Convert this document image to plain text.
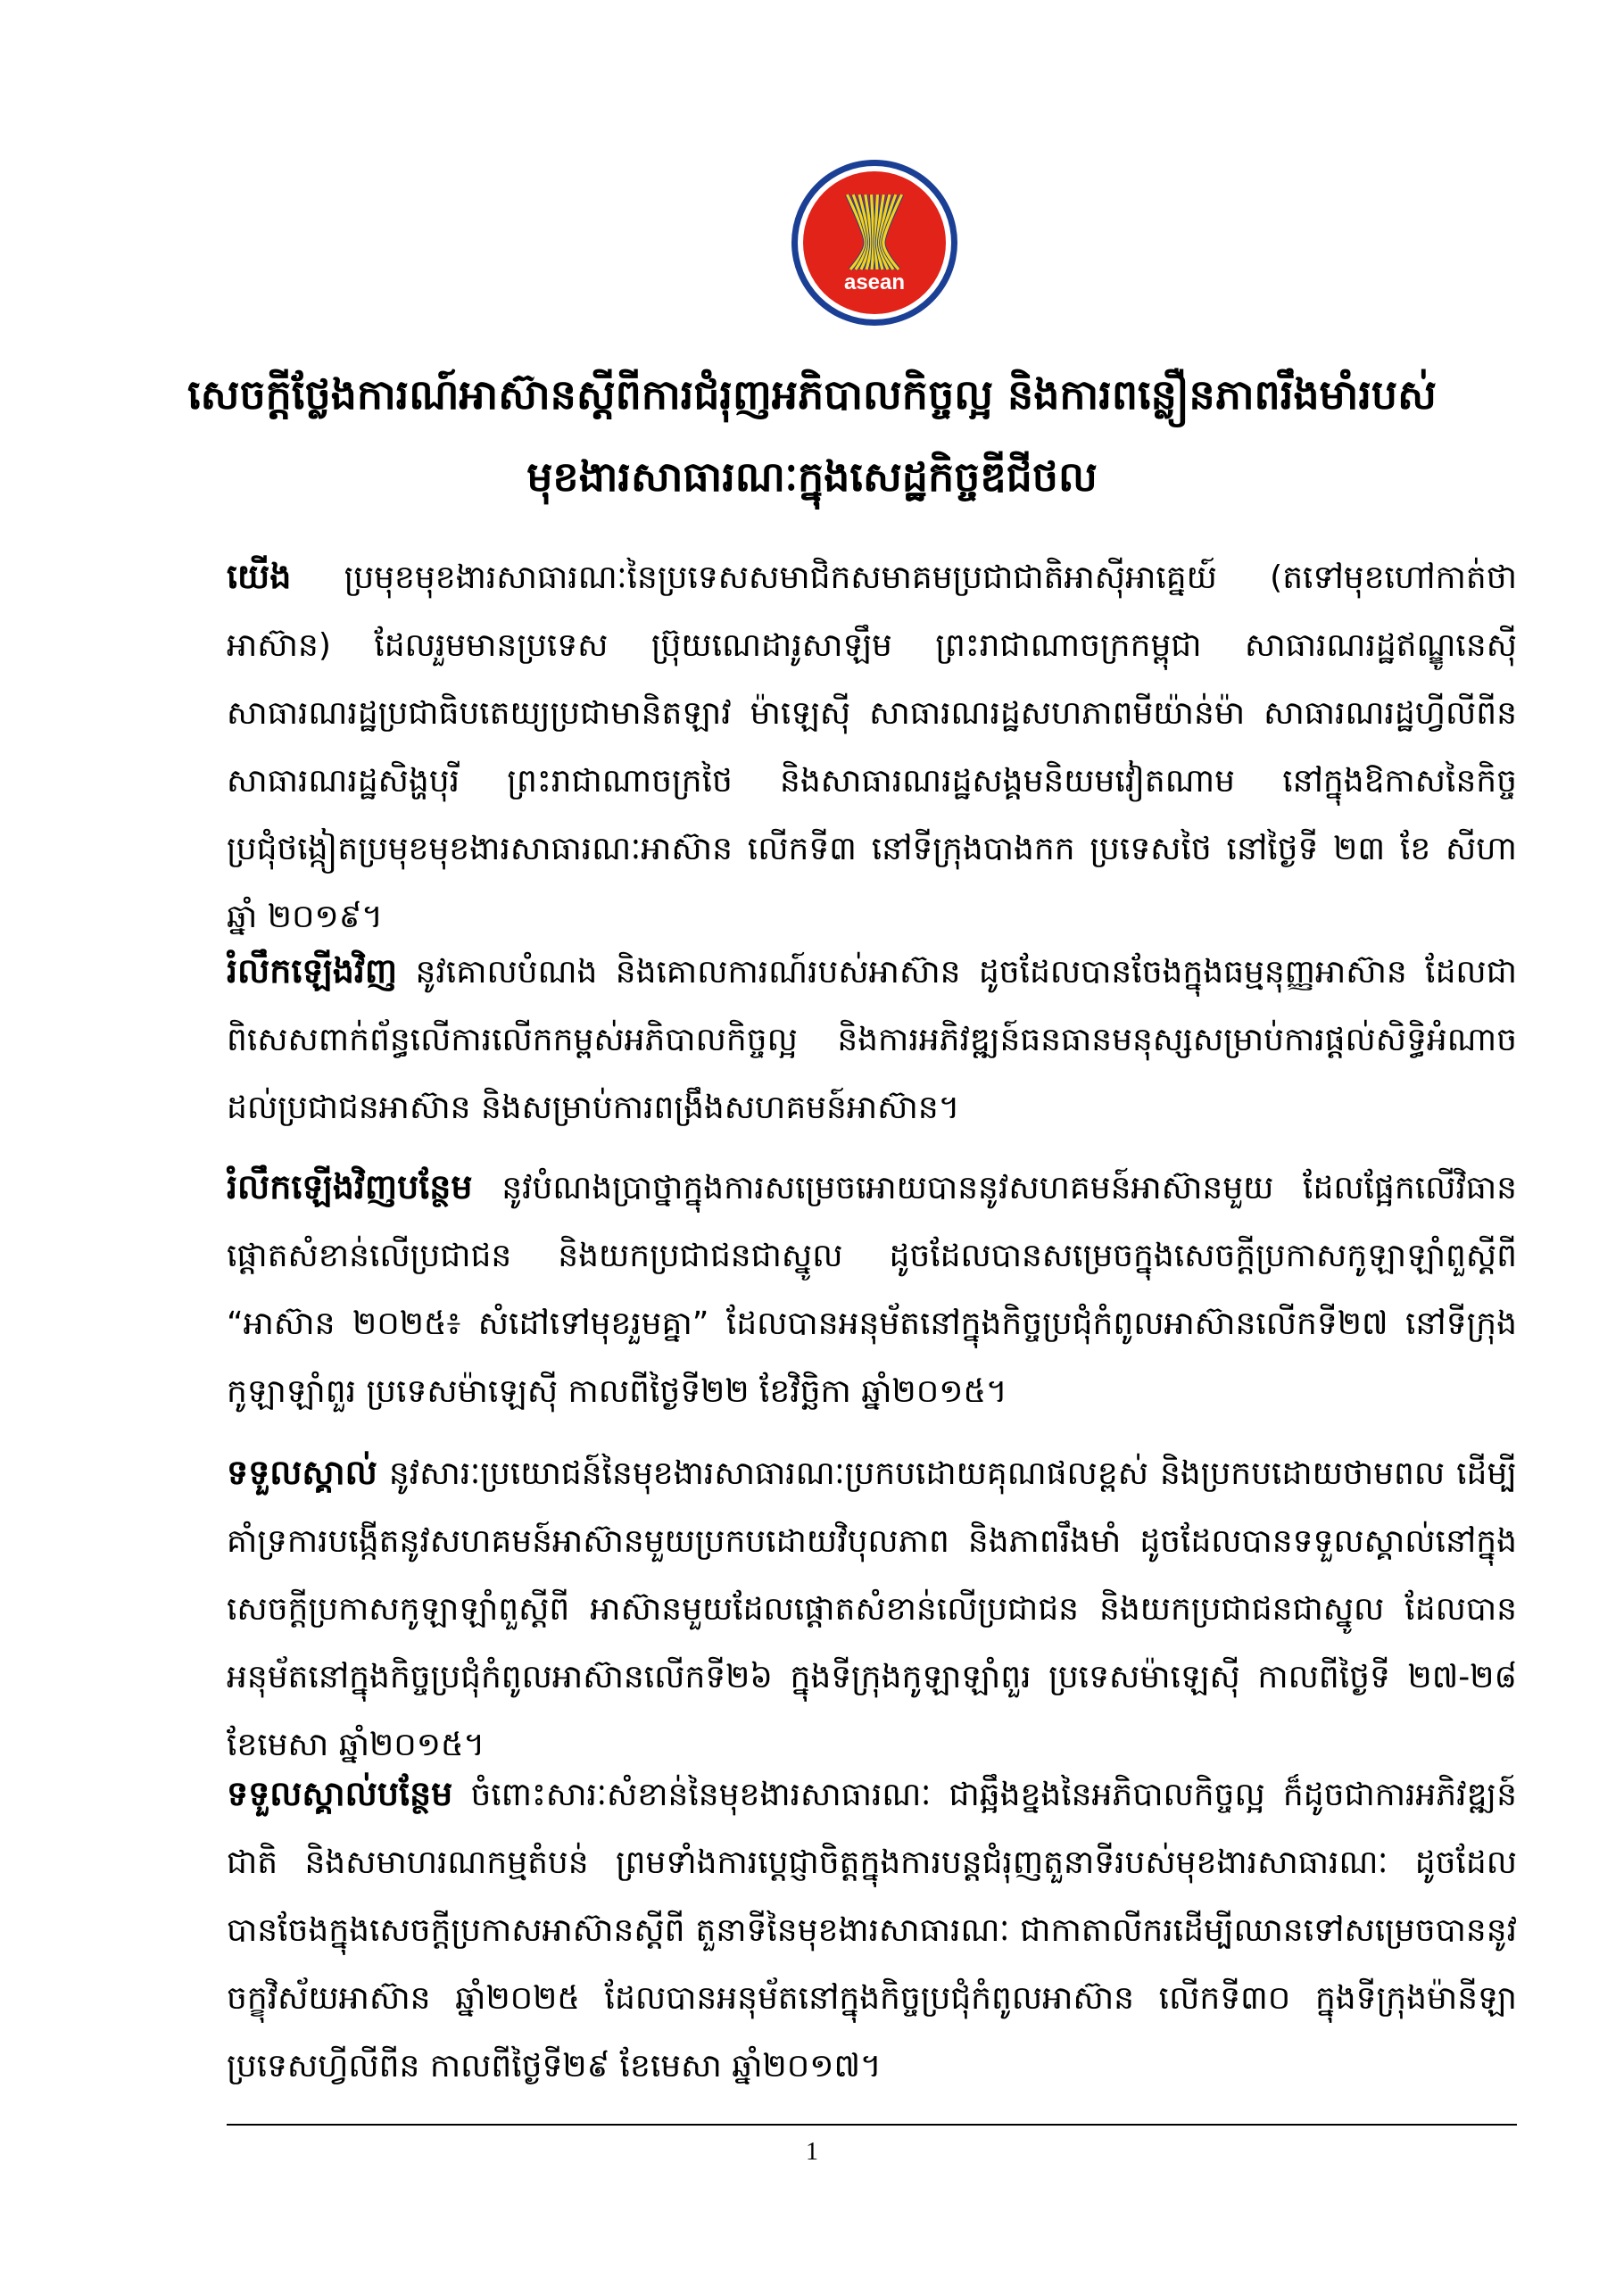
asean
សេចក្តីថ្លែងការណ៍អាស៊ានស្តីពីការជំរុញអភិបាលកិច្ចល្អ និងការពន្លឿនភាពរឹងមាំរបស់
មុខងារសាធារណៈក្នុងសេដ្ឋកិច្ចឌីជីថល

យើង ប្រមុខមុខងារសាធារណៈនៃប្រទេសសមាជិកសមាគមប្រជាជាតិអាស៊ីអាគ្នេយ៍ (តទៅមុខហៅកាត់ថា អាស៊ាន) ដែលរួមមានប្រទេស ប្រ៊ុយណេដារូសាឡឹម ព្រះរាជាណាចក្រកម្ពុជា សាធារណរដ្ឋឥណ្ឌូនេស៊ី សាធារណរដ្ឋប្រជាធិបតេយ្យប្រជាមានិតឡាវ ម៉ាឡេស៊ី សាធារណរដ្ឋសហភាពមីយ៉ាន់ម៉ា សាធារណរដ្ឋហ្វីលីពីន សាធារណរដ្ឋសិង្ហបុរី ព្រះរាជាណាចក្រថៃ និងសាធារណរដ្ឋសង្គមនិយមវៀតណាម នៅក្នុងឱកាសនៃកិច្ចប្រជុំថង្កៀតប្រមុខមុខងារសាធារណៈអាស៊ាន លើកទី៣ នៅទីក្រុងបាងកក ប្រទេសថៃ នៅថ្ងៃទី ២៣ ខែ សីហា ឆ្នាំ ២០១៩។

រំលឹកឡើងវិញ នូវគោលបំណង និងគោលការណ៍របស់អាស៊ាន ដូចដែលបានចែងក្នុងធម្មនុញ្ញអាស៊ាន ដែលជាពិសេសពាក់ព័ន្ធលើការលើកកម្ពស់អភិបាលកិច្ចល្អ និងការអភិវឌ្ឍន៍ធនធានមនុស្សសម្រាប់ការផ្តល់សិទ្ធិអំណាចដល់ប្រជាជនអាស៊ាន និងសម្រាប់ការពង្រឹងសហគមន៍អាស៊ាន។

រំលឹកឡើងវិញបន្ថែម នូវបំណងប្រាថ្នាក្នុងការសម្រេចអោយបាននូវសហគមន៍អាស៊ានមួយ ដែលផ្អែកលើវិធាន ផ្តោតសំខាន់លើប្រជាជន និងយកប្រជាជនជាស្នូល ដូចដែលបានសម្រេចក្នុងសេចក្តីប្រកាសកូឡាឡាំពួស្តីពី “អាស៊ាន ២០២៥៖ សំដៅទៅមុខរួមគ្នា” ដែលបានអនុម័តនៅក្នុងកិច្ចប្រជុំកំពូលអាស៊ានលើកទី២៧ នៅទីក្រុងកូឡាឡាំពួរ ប្រទេសម៉ាឡេស៊ី កាលពីថ្ងៃទី២២ ខែវិច្ឆិកា ឆ្នាំ២០១៥។

ទទួលស្គាល់ នូវសារៈប្រយោជន៍នៃមុខងារសាធារណៈប្រកបដោយគុណផលខ្ពស់ និងប្រកបដោយថាមពល ដើម្បីគាំទ្រការបង្កើតនូវសហគមន៍អាស៊ានមួយប្រកបដោយវិបុលភាព និងភាពរឹងមាំ ដូចដែលបានទទួលស្គាល់នៅក្នុងសេចក្តីប្រកាសកូឡាឡាំពួស្តីពី អាស៊ានមួយដែលផ្តោតសំខាន់លើប្រជាជន និងយកប្រជាជនជាស្នូល ដែលបានអនុម័តនៅក្នុងកិច្ចប្រជុំកំពូលអាស៊ានលើកទី២៦ ក្នុងទីក្រុងកូឡាឡាំពួរ ប្រទេសម៉ាឡេស៊ី កាលពីថ្ងៃទី ២៧-២៨ ខែមេសា ឆ្នាំ២០១៥។

ទទួលស្គាល់បន្ថែម ចំពោះសារៈសំខាន់នៃមុខងារសាធារណៈ ជាឆ្អឹងខ្នងនៃអភិបាលកិច្ចល្អ ក៏ដូចជាការអភិវឌ្ឍន៍ជាតិ និងសមាហរណកម្មតំបន់ ព្រមទាំងការប្តេជ្ញាចិត្តក្នុងការបន្តជំរុញតួនាទីរបស់មុខងារសាធារណៈ ដូចដែលបានចែងក្នុងសេចក្តីប្រកាសអាស៊ានស្តីពី តួនាទីនៃមុខងារសាធារណៈ ជាកាតាលីករដើម្បីឈានទៅសម្រេចបាននូវចក្ខុវិស័យអាស៊ាន ឆ្នាំ២០២៥ ដែលបានអនុម័តនៅក្នុងកិច្ចប្រជុំកំពូលអាស៊ាន លើកទី៣០ ក្នុងទីក្រុងម៉ានីឡា ប្រទេសហ្វីលីពីន កាលពីថ្ងៃទី២៩ ខែមេសា ឆ្នាំ២០១៧។

1
